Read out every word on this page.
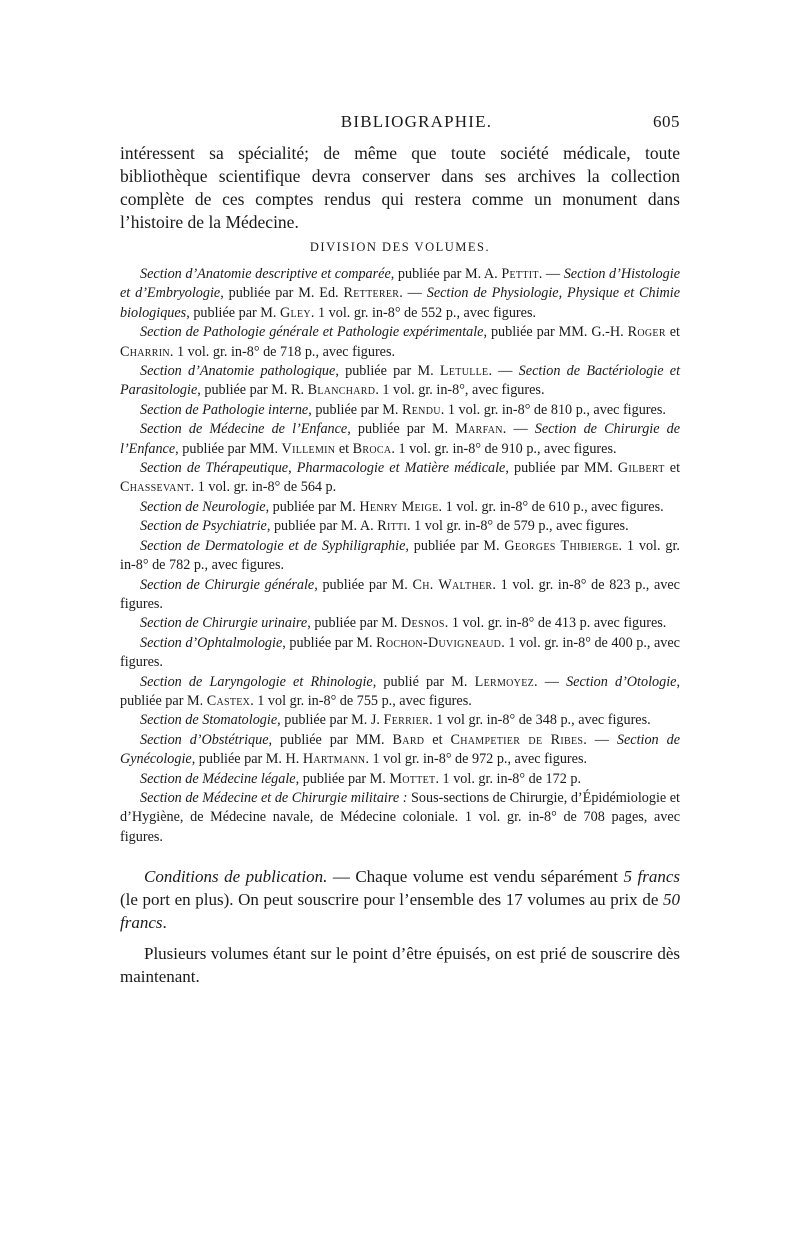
BIBLIOGRAPHIE.	605

intéressent sa spécialité; de même que toute société médicale, toute bibliothèque scientifique devra conserver dans ses archives la collection complète de ces comptes rendus qui restera comme un monument dans l’histoire de la Médecine.

DIVISION DES VOLUMES.

Section d’Anatomie descriptive et comparée, publiée par M. A. Pettit. — Section d’Histologie et d’Embryologie, publiée par M. Ed. Retterer. — Section de Physiologie, Physique et Chimie biologiques, publiée par M. Gley. 1 vol. gr. in-8° de 552 p., avec figures.

Section de Pathologie générale et Pathologie expérimentale, publiée par MM. G.-H. Roger et Charrin. 1 vol. gr. in-8° de 718 p., avec figures.

Section d’Anatomie pathologique, publiée par M. Letulle. — Section de Bactériologie et Parasitologie, publiée par M. R. Blanchard. 1 vol. gr. in-8°, avec figures.

Section de Pathologie interne, publiée par M. Rendu. 1 vol. gr. in-8° de 810 p., avec figures.

Section de Médecine de l’Enfance, publiée par M. Marfan. — Section de Chirurgie de l’Enfance, publiée par MM. Villemin et Broca. 1 vol. gr. in-8° de 910 p., avec figures.

Section de Thérapeutique, Pharmacologie et Matière médicale, publiée par MM. Gilbert et Chassevant. 1 vol. gr. in-8° de 564 p.

Section de Neurologie, publiée par M. Henry Meige. 1 vol. gr. in-8° de 610 p., avec figures.

Section de Psychiatrie, publiée par M. A. Ritti. 1 vol gr. in-8° de 579 p., avec figures.

Section de Dermatologie et de Syphiligraphie, publiée par M. Georges Thibierge. 1 vol. gr. in-8° de 782 p., avec figures.

Section de Chirurgie générale, publiée par M. Ch. Walther. 1 vol. gr. in-8° de 823 p., avec figures.

Section de Chirurgie urinaire, publiée par M. Desnos. 1 vol. gr. in-8° de 413 p. avec figures.

Section d’Ophtalmologie, publiée par M. Rochon-Duvigneaud. 1 vol. gr. in-8° de 400 p., avec figures.

Section de Laryngologie et Rhinologie, publié par M. Lermoyez. — Section d’Otologie, publiée par M. Castex. 1 vol gr. in-8° de 755 p., avec figures.

Section de Stomatologie, publiée par M. J. Ferrier. 1 vol gr. in-8° de 348 p., avec figures.

Section d’Obstétrique, publiée par MM. Bard et Champetier de Ribes. — Section de Gynécologie, publiée par M. H. Hartmann. 1 vol gr. in-8° de 972 p., avec figures.

Section de Médecine légale, publiée par M. Mottet. 1 vol. gr. in-8° de 172 p.

Section de Médecine et de Chirurgie militaire : Sous-sections de Chirurgie, d’Épidémiologie et d’Hygiène, de Médecine navale, de Médecine coloniale. 1 vol. gr. in-8° de 708 pages, avec figures.

Conditions de publication. — Chaque volume est vendu séparément 5 francs (le port en plus). On peut souscrire pour l’ensemble des 17 volumes au prix de 50 francs.

Plusieurs volumes étant sur le point d’être épuisés, on est prié de souscrire dès maintenant.
